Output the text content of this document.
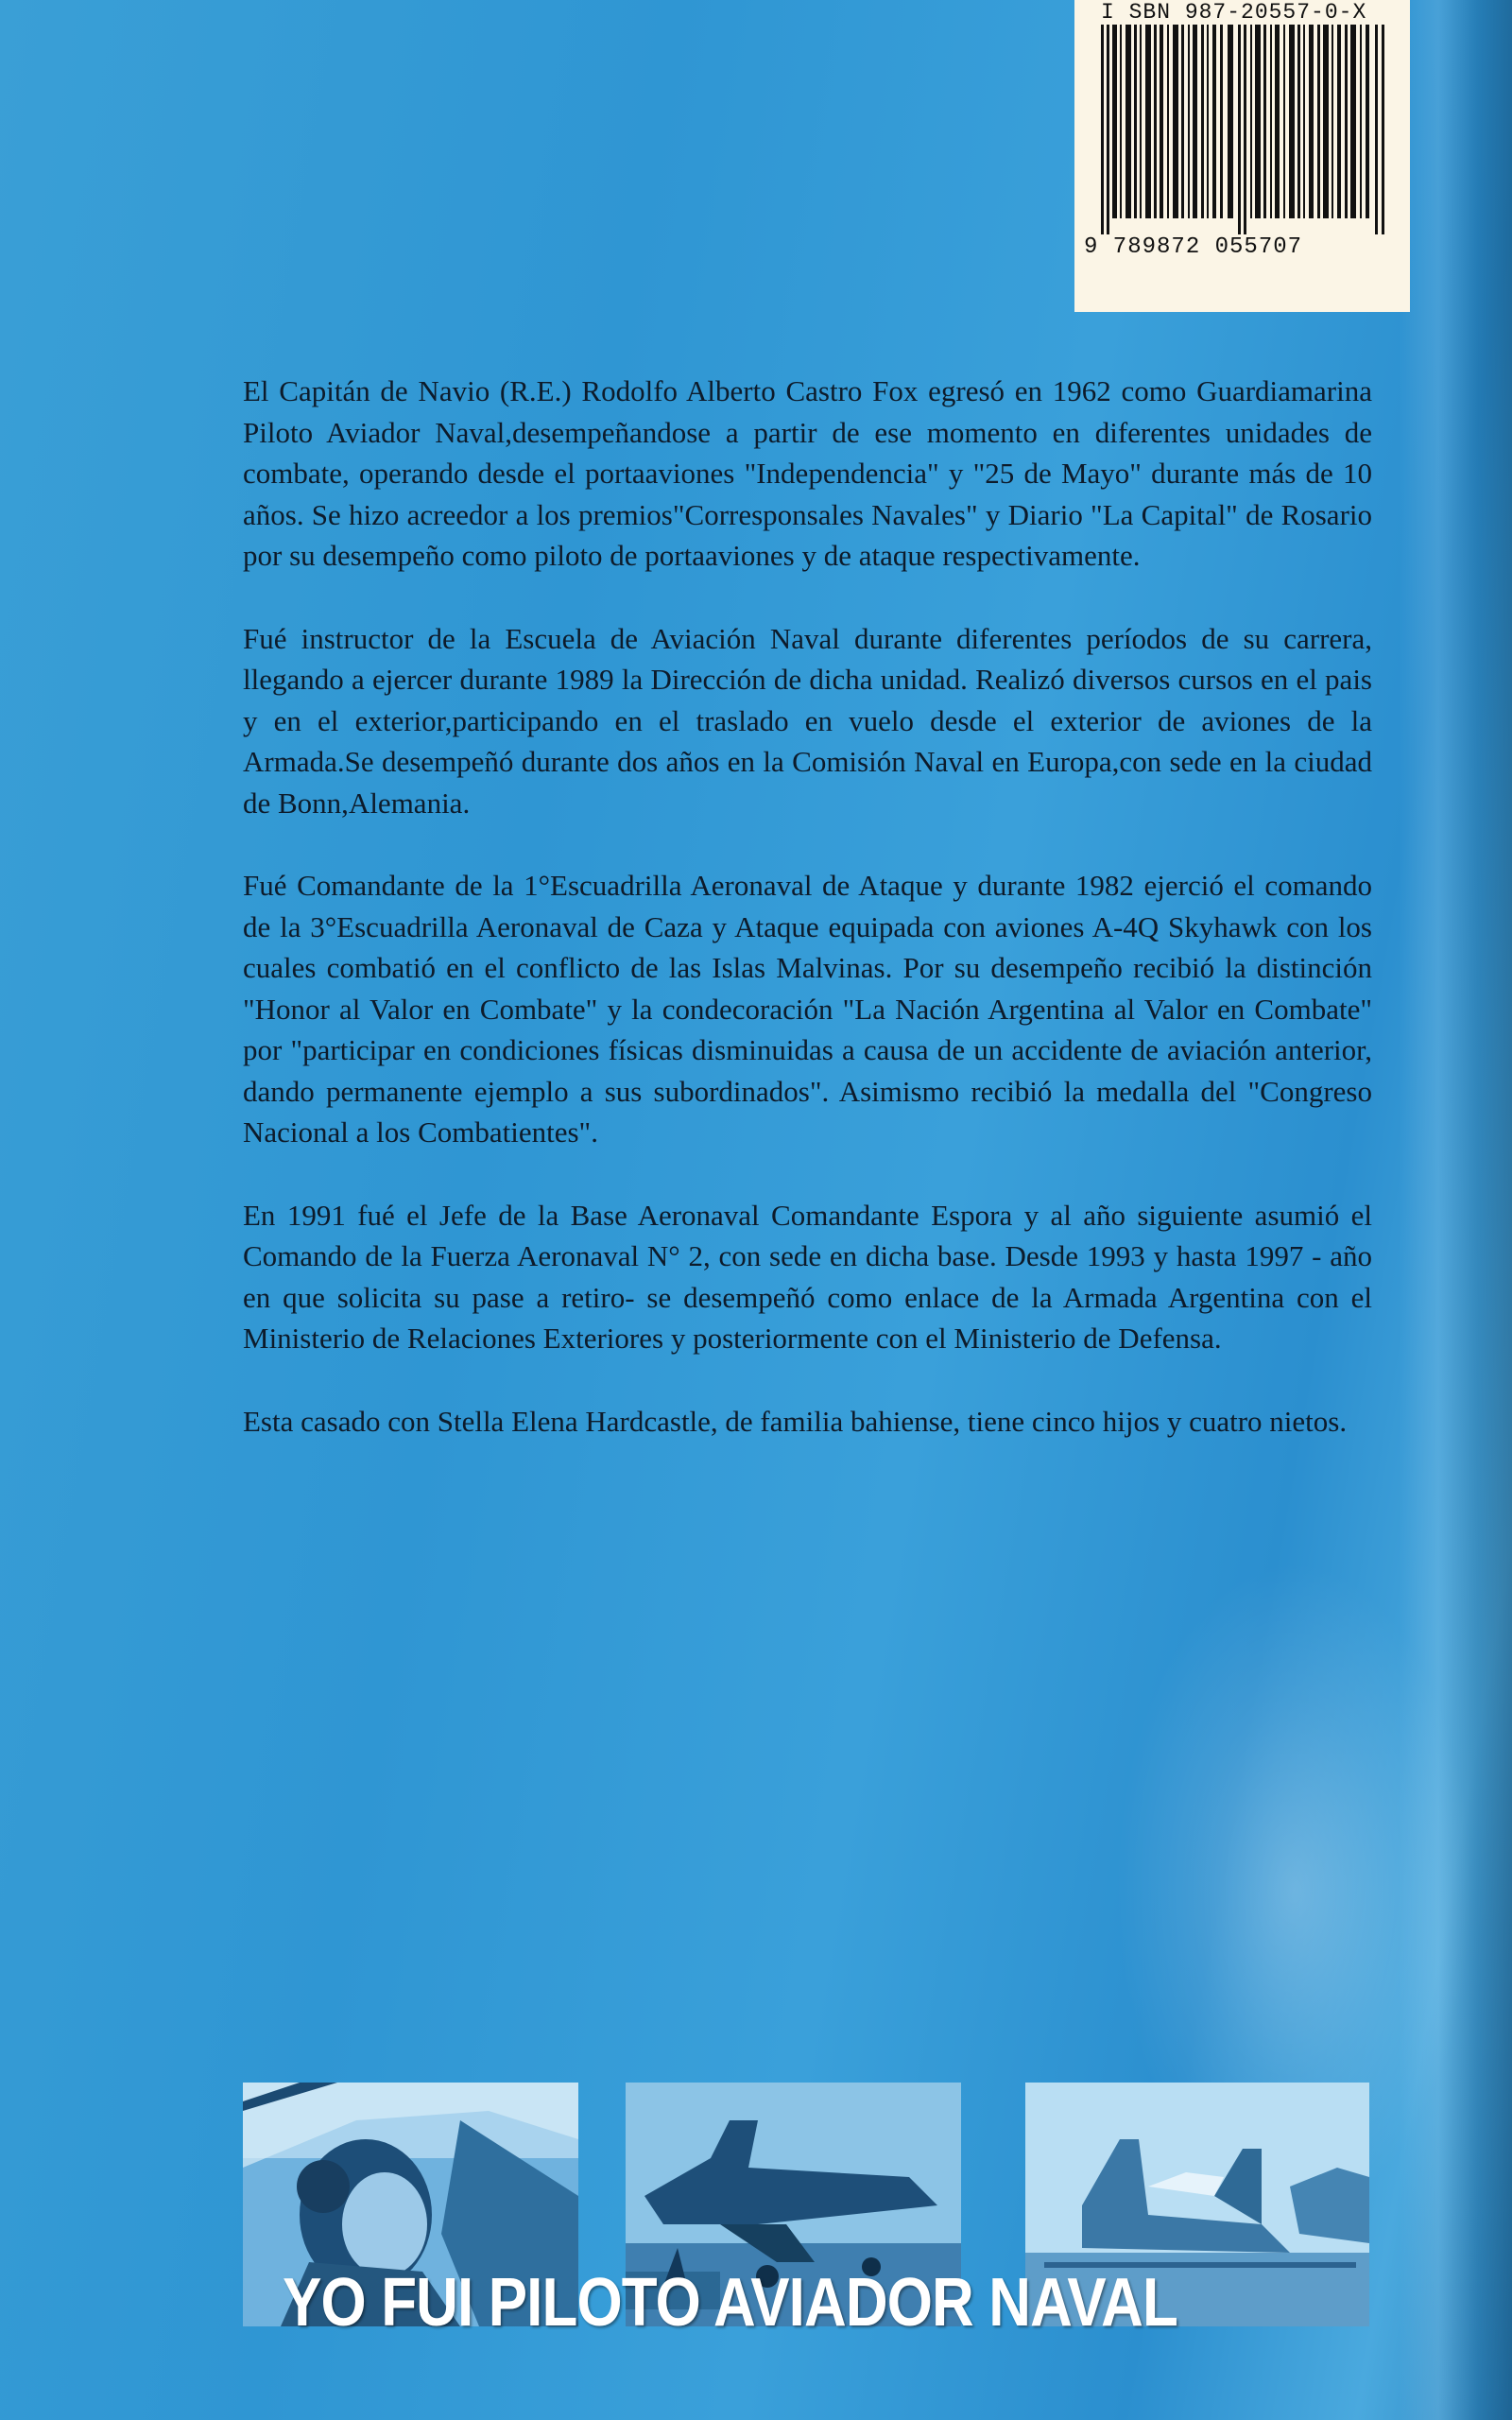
I SBN 987-20557-0-X
9 789872 055707

El Capitán de Navio (R.E.) Rodolfo Alberto Castro Fox egresó en 1962 como Guardiamarina Piloto Aviador Naval,desempeñandose a partir de ese momento en diferentes unidades de combate, operando desde el portaaviones "Independencia" y "25 de Mayo" durante más de 10 años. Se hizo acreedor a los premios"Corresponsales Navales" y Diario "La Capital" de Rosario por su desempeño como piloto de portaaviones y de ataque respectivamente.

Fué instructor de la Escuela de Aviación Naval durante diferentes períodos de su carrera, llegando a ejercer durante 1989 la Dirección de dicha unidad. Realizó diversos cursos en el pais y en el exterior,participando en el traslado en vuelo desde el exterior de aviones de la Armada.Se desempeñó durante dos años en la Comisión Naval en Europa,con sede en la ciudad de Bonn,Alemania.

Fué Comandante de la 1°Escuadrilla Aeronaval de Ataque y durante 1982 ejerció el comando de la 3°Escuadrilla Aeronaval de Caza y Ataque equipada con aviones A-4Q Skyhawk con los cuales combatió en el conflicto de las Islas Malvinas. Por su desempeño recibió la distinción "Honor al Valor en Combate" y la condecoración "La Nación Argentina al Valor en Combate" por "participar en condiciones físicas disminuidas a causa de un accidente de aviación anterior, dando permanente ejemplo a sus subordinados". Asimismo recibió la medalla del "Congreso Nacional a los Combatientes".

En 1991 fué el Jefe de la Base Aeronaval Comandante Espora y al año siguiente asumió el Comando de la Fuerza Aeronaval N° 2, con sede en dicha base. Desde 1993 y hasta 1997 - año en que solicita su pase a retiro- se desempeñó como enlace de la Armada Argentina con el Ministerio de Relaciones Exteriores y posteriormente con el Ministerio de Defensa.

Esta casado con Stella Elena Hardcastle, de familia bahiense, tiene cinco hijos y cuatro nietos.

YO FUI PILOTO AVIADOR NAVAL
